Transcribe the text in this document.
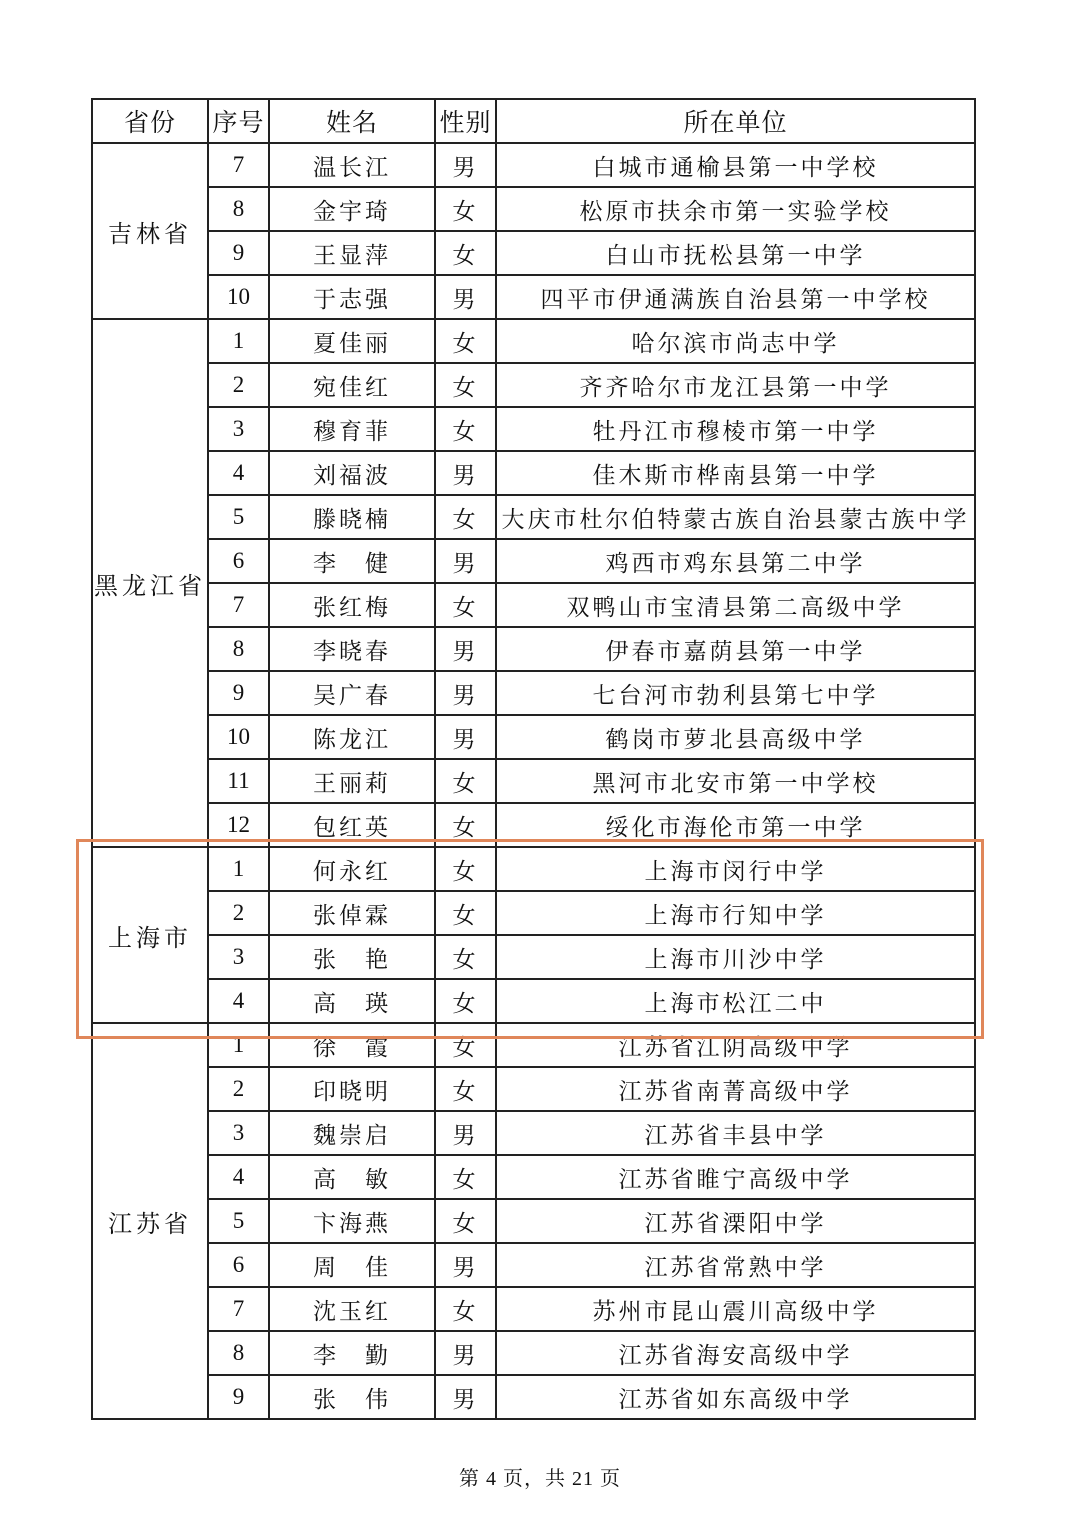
省份	序号	姓名	性别	所在单位
吉林省	7	温长江	男	白城市通榆县第一中学校
	8	金宇琦	女	松原市扶余市第一实验学校
	9	王显萍	女	白山市抚松县第一中学
	10	于志强	男	四平市伊通满族自治县第一中学校
黑龙江省	1	夏佳丽	女	哈尔滨市尚志中学
	2	宛佳红	女	齐齐哈尔市龙江县第一中学
	3	穆育菲	女	牡丹江市穆棱市第一中学
	4	刘福波	男	佳木斯市桦南县第一中学
	5	滕晓楠	女	大庆市杜尔伯特蒙古族自治县蒙古族中学
	6	李　健	男	鸡西市鸡东县第二中学
	7	张红梅	女	双鸭山市宝清县第二高级中学
	8	李晓春	男	伊春市嘉荫县第一中学
	9	吴广春	男	七台河市勃利县第七中学
	10	陈龙江	男	鹤岗市萝北县高级中学
	11	王丽莉	女	黑河市北安市第一中学校
	12	包红英	女	绥化市海伦市第一中学
上海市	1	何永红	女	上海市闵行中学
	2	张倬霖	女	上海市行知中学
	3	张　艳	女	上海市川沙中学
	4	高　瑛	女	上海市松江二中
江苏省	1	徐　霞	女	江苏省江阴高级中学
	2	印晓明	女	江苏省南菁高级中学
	3	魏崇启	男	江苏省丰县中学
	4	高　敏	女	江苏省睢宁高级中学
	5	卞海燕	女	江苏省溧阳中学
	6	周　佳	男	江苏省常熟中学
	7	沈玉红	女	苏州市昆山震川高级中学
	8	李　勤	男	江苏省海安高级中学
	9	张　伟	男	江苏省如东高级中学
第 4 页，共 21 页
